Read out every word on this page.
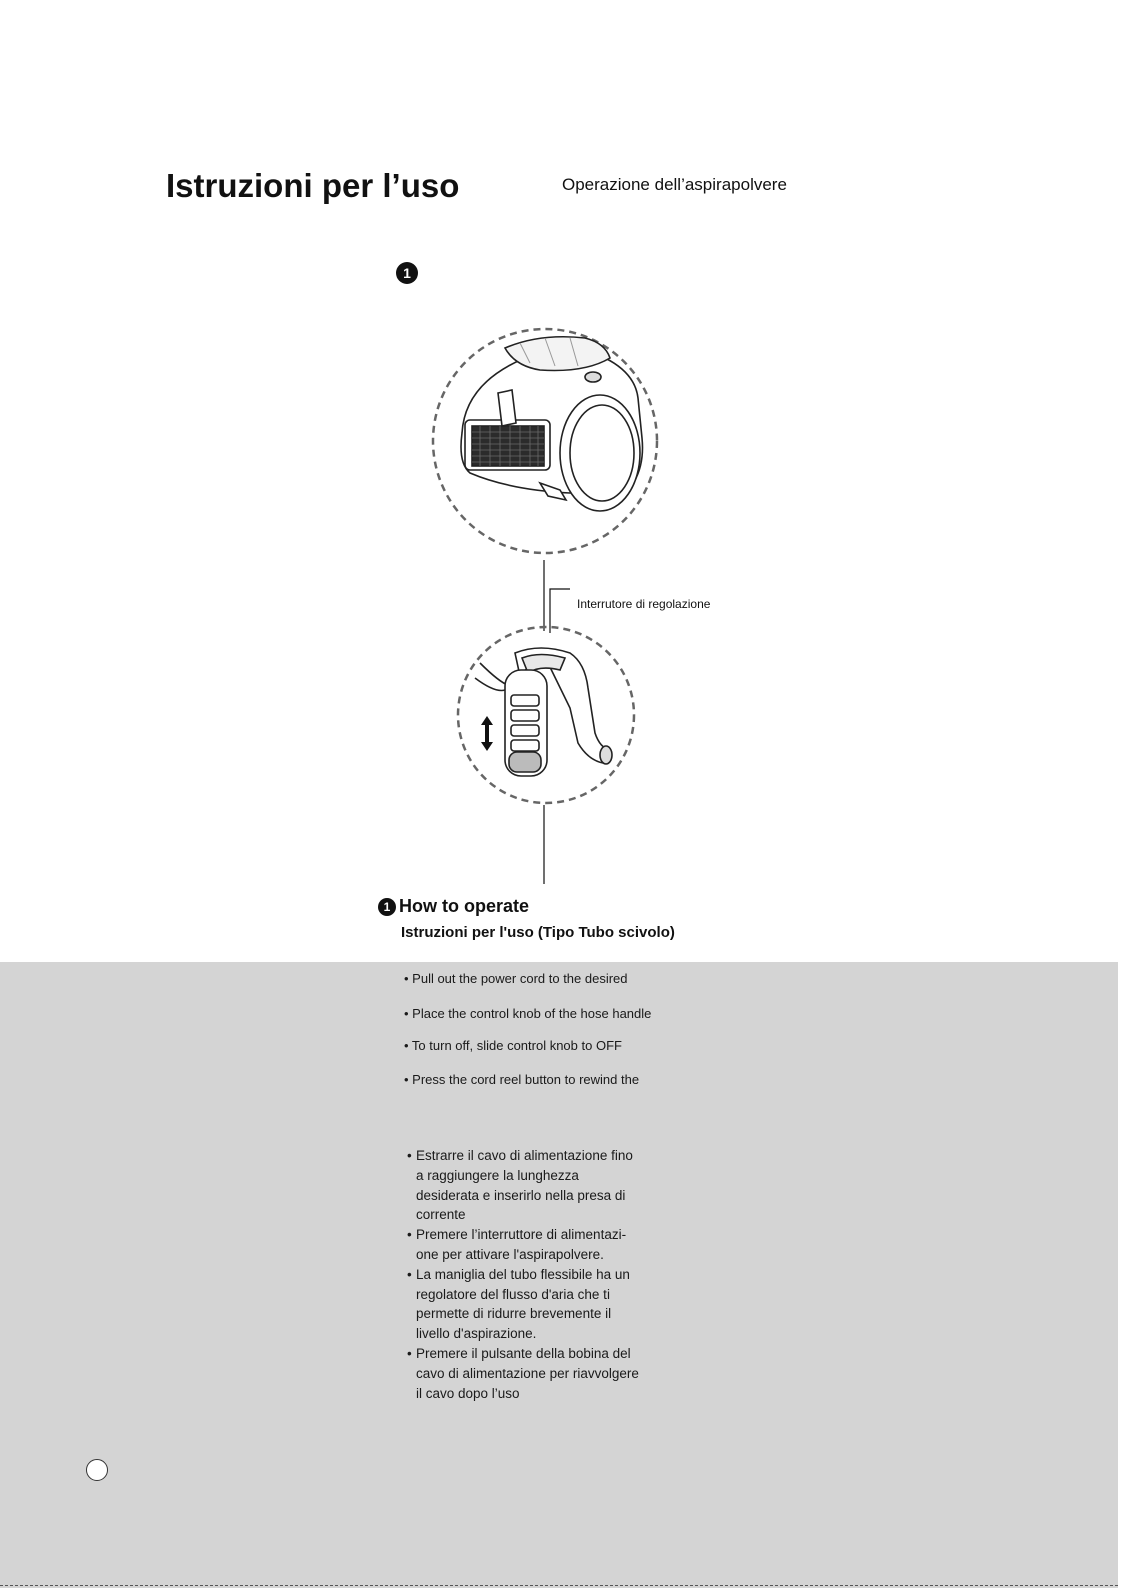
Istruzioni per l’uso	Operazione dell’aspirapolvere
1
Interrutore di regolazione
1 How to operate
Istruzioni per l'uso (Tipo Tubo scivolo)
• Pull out the power cord to the desired
• Place the control knob of the hose handle
• To turn off, slide control knob to OFF
• Press the cord reel button to rewind the
• Estrarre il cavo di alimentazione fino
a raggiungere la lunghezza
desiderata e inserirlo nella presa di
corrente
• Premere l’interruttore di alimentazi-
one per attivare l'aspirapolvere.
• La maniglia del tubo flessibile ha un
regolatore del flusso d'aria che ti
permette di ridurre brevemente il
livello d'aspirazione.
• Premere il pulsante della bobina del
cavo di alimentazione per riavvolgere
il cavo dopo l’uso
